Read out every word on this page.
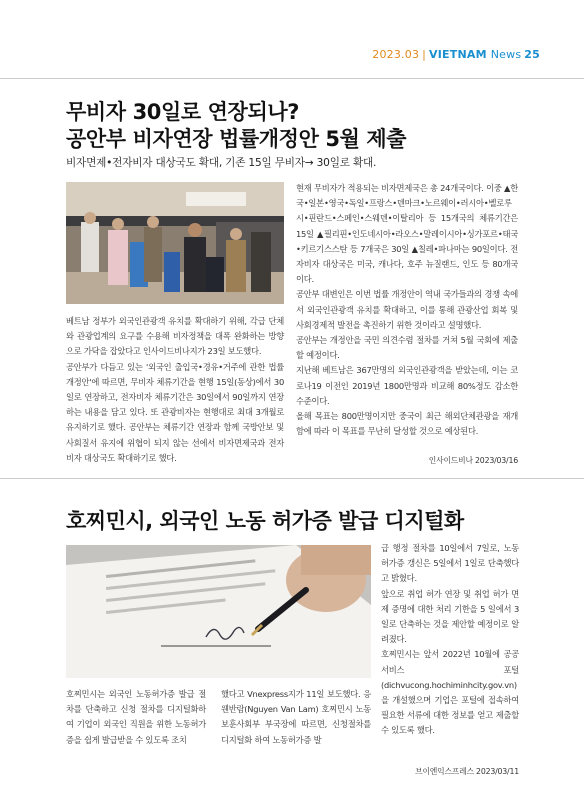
2023.03 | VIETNAM News 25
무비자 30일로 연장되나?
공안부 비자연장 법률개정안 5월 제출
비자면제•전자비자 대상국도 확대, 기존 15일 무비자→ 30일로 확대.

베트남 정부가 외국인관광객 유치를 확대하기 위해, 각급 단체와 관광업계의 요구를 수용해 비자정책을 대폭 완화하는 방향으로 가닥을 잡았다고 인사이드비나지가 23일 보도했다.

공안부가 다듬고 있는 '외국인 출입국•경유•거주에 관한 법률 개정안'에 따르면, 무비자 체류기간을 현행 15일(동상)에서 30일로 연장하고, 전자비자 체류기간은 30일에서 90일까지 연장하는 내용을 담고 있다. 또 관광비자는 현행대로 최대 3개월로 유지하기로 했다. 공안부는 체류기간 연장과 함께 국방안보 및 사회질서 유지에 위협이 되지 않는 선에서 비자면제국과 전자비자 대상국도 확대하기로 했다.

현재 무비자가 적용되는 비자면제국은 총 24개국이다. 이중 ▲한국•일본•영국•독일•프랑스•덴마크•노르웨이•러시아•벨로루시•핀란드•스페인•스웨덴•이탈리아 등 15개국의 체류기간은 15일 ▲필리핀•인도네시아•라오스•말레이시아•싱가포르•태국•키르기스스탄 등 7개국은 30일 ▲칠레•파나마는 90일이다. 전자비자 대상국은 미국, 캐나다, 호주 뉴질랜드, 인도 등 80개국이다.

공안부 대변인은 이번 법률 개정안이 역내 국가들과의 경쟁 속에서 외국인관광객 유치를 확대하고, 이를 통해 관광산업 회복 및 사회경제적 발전을 촉진하기 위한 것이라고 설명했다.

공안부는 개정안을 국민 의견수렴 절차를 거쳐 5월 국회에 제출할 예정이다.

지난해 베트남은 367만명의 외국인관광객을 받았는데, 이는 코로나19 이전인 2019년 1800만명과 비교해 80%정도 감소한 수준이다.

올해 목표는 800만명이지만 중국이 최근 해외단체관광을 재개함에 따라 이 목표를 무난히 달성할 것으로 예상된다.

인사이드비나 2023/03/16
호찌민시, 외국인 노동 허가증 발급 디지털화

급 행정 절차를 10일에서 7일로, 노동허가증 갱신은 5일에서 1일로 단축했다고 밝혔다.

앞으로 취업 허가 연장 및 취업 허가 면제 증명에 대한 처리 기한을 5 일에서 3 일로 단축하는 것을 제안할 예정이로 알려졌다.

호찌민시는 앞서 2022년 10월에 공공서비스 포털(dichvucong.hochiminhcity.gov.vn)을 개설했으며 기업은 포털에 접속하여 필요한 서류에 대한 정보를 얻고 제출할 수 있도록 했다.

브이엔익스프레스 2023/03/11

호찌민시는 외국인 노동허가증 발급 절차를 단축하고 신청 절차를 디지털화하여 기업이 외국인 직원을 위한 노동허가증을 쉽게 발급받을 수 있도록 조치

했다고 Vnexpress지가 11일 보도했다. 응웬반람(Nguyen Van Lam) 호찌민시 노동보훈사회부 부국장에 따르면, 신청절차를 디지털화 하여 노동허가증 발
